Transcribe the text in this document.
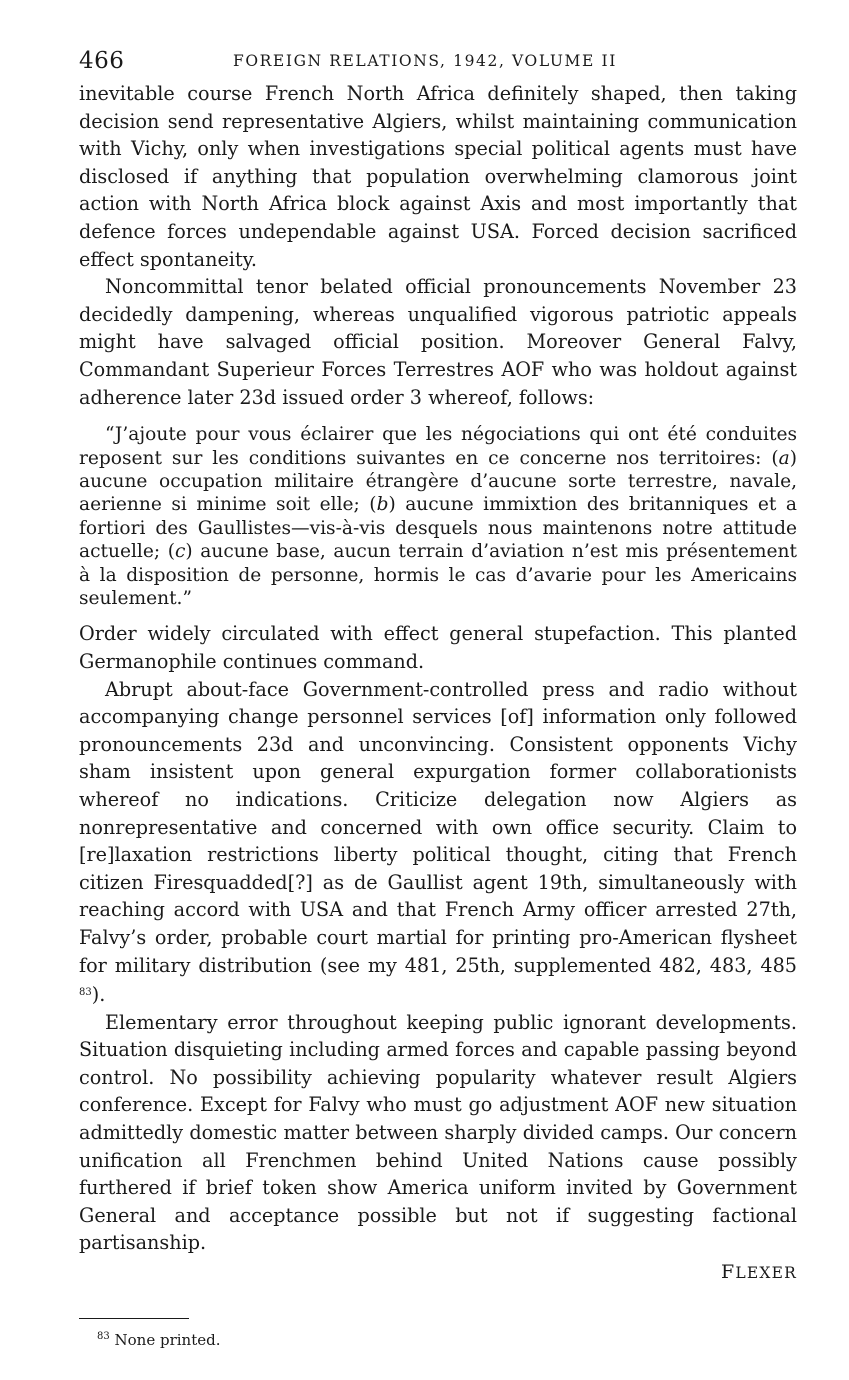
466	FOREIGN RELATIONS, 1942, VOLUME II

inevitable course French North Africa definitely shaped, then taking decision send representative Algiers, whilst maintaining communication with Vichy, only when investigations special political agents must have disclosed if anything that population overwhelming clamorous joint action with North Africa block against Axis and most importantly that defence forces undependable against USA. Forced decision sacrificed effect spontaneity.

Noncommittal tenor belated official pronouncements November 23 decidedly dampening, whereas unqualified vigorous patriotic appeals might have salvaged official position. Moreover General Falvy, Commandant Superieur Forces Terrestres AOF who was holdout against adherence later 23d issued order 3 whereof, follows:

“J’ajoute pour vous éclairer que les négociations qui ont été conduites reposent sur les conditions suivantes en ce concerne nos territoires: (a) aucune occupation militaire étrangère d’aucune sorte terrestre, navale, aerienne si minime soit elle; (b) aucune immixtion des britanniques et a fortiori des Gaullistes—vis-à-vis desquels nous maintenons notre attitude actuelle; (c) aucune base, aucun terrain d’aviation n’est mis présentement à la disposition de personne, hormis le cas d’avarie pour les Americains seulement.”

Order widely circulated with effect general stupefaction. This planted Germanophile continues command.

Abrupt about-face Government-controlled press and radio without accompanying change personnel services [of] information only followed pronouncements 23d and unconvincing. Consistent opponents Vichy sham insistent upon general expurgation former collaborationists whereof no indications. Criticize delegation now Algiers as nonrepresentative and concerned with own office security. Claim to [re]laxation restrictions liberty political thought, citing that French citizen Firesquadded[?] as de Gaullist agent 19th, simultaneously with reaching accord with USA and that French Army officer arrested 27th, Falvy’s order, probable court martial for printing pro-American flysheet for military distribution (see my 481, 25th, supplemented 482, 483, 485 $^{83}$).

Elementary error throughout keeping public ignorant developments. Situation disquieting including armed forces and capable passing beyond control. No possibility achieving popularity whatever result Algiers conference. Except for Falvy who must go adjustment AOF new situation admittedly domestic matter between sharply divided camps. Our concern unification all Frenchmen behind United Nations cause possibly furthered if brief token show America uniform invited by Government General and acceptance possible but not if suggesting factional partisanship.

FLEXER
$^{83}$ None printed.
